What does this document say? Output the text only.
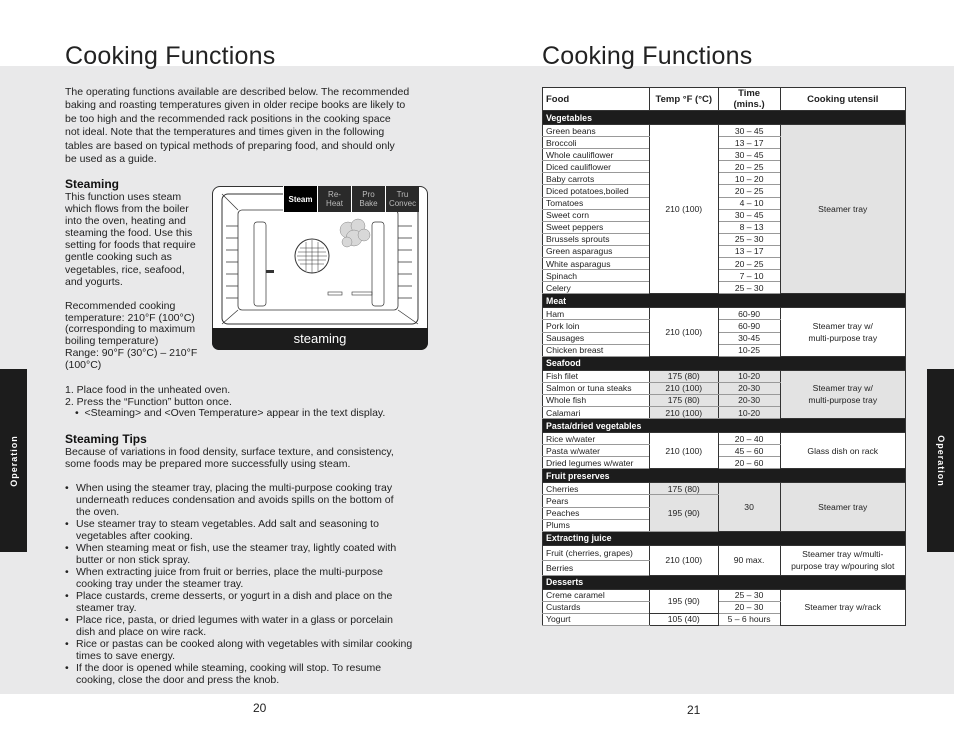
Cooking Functions
The operating functions available are described below. The recommended
baking and roasting temperatures given in older recipe books are likely to
be too high and the recommended rack positions in the cooking space
not ideal. Note that the temperatures and times given in the following
tables are based on typical methods of preparing food, and should only
be used as a guide.
Steaming
This function uses steam
which flows from the boiler
into the oven, heating and
steaming the food. Use this
setting for foods that require
gentle cooking such as
vegetables, rice, seafood,
and yogurts.
Recommended cooking
temperature: 210°F (100°C)
(corresponding to maximum
boiling temperature)
Range: 90°F (30°C) – 210°F
(100°C)
Steam	Re-
Heat
Pro
Bake
Tru
Convec
steaming
1. Place food in the unheated oven.
2. Press the “Function” button once.
•  <Steaming> and <Oven Temperature> appear in the text display.
Steaming Tips
Because of variations in food density, surface texture, and consistency,
some foods may be prepared more successfully using steam.
• When using the steamer tray, placing the multi-purpose cooking tray
underneath reduces condensation and avoids spills on the bottom of
the oven.
• Use steamer tray to steam vegetables. Add salt and seasoning to
vegetables after cooking.
• When steaming meat or fish, use the steamer tray, lightly coated with
butter or non stick spray.
• When extracting juice from fruit or berries, place the multi-purpose
cooking tray under the steamer tray.
• Place custards, creme desserts, or yogurt in a dish and place on the
steamer tray.
• Place rice, pasta, or dried legumes with water in a glass or porcelain
dish and place on wire rack.
• Rice or pastas can be cooked along with vegetables with similar cooking
times to save energy.
• If the door is opened while steaming, cooking will stop. To resume
cooking, close the door and press the knob.
Operation
20
Cooking Functions
Food	Temp °F (°C)	Time (mins.)	Cooking utensil
Vegetables			
Green beans	210 (100)	30 – 45	Steamer tray
Broccoli		13 – 17	
Whole cauliflower		30 – 45	
Diced cauliflower		20 – 25	
Baby carrots		10 – 20	
Diced potatoes,boiled		20 – 25	
Tomatoes		4 – 10	
Sweet corn		30 – 45	
Sweet peppers		8 – 13	
Brussels sprouts		25 – 30	
Green asparagus		13 – 17	
White asparagus		20 – 25	
Spinach		7 – 10	
Celery		25 – 30	
Meat			
Ham	210 (100)	60-90	Steamer tray w/
multi-purpose tray
Pork loin		60-90	
Sausages		30-45	
Chicken breast		10-25	
Seafood			
Fish filet	175 (80)	10-20	Steamer tray w/
multi-purpose tray
Salmon or tuna steaks	210 (100)	20-30	
Whole fish	175 (80)	20-30	
Calamari	210 (100)	10-20	
Pasta/dried vegetables			
Rice w/water	210 (100)	20 – 40	Glass dish on rack
Pasta w/water		45 – 60	
Dried legumes w/water		20 – 60	
Fruit preserves			
Cherries	175 (80)	30	Steamer tray
Pears	195 (90)		
Peaches			
Plums			
Extracting juice			
Fruit (cherries, grapes)	210 (100)	90 max.	Steamer tray w/multi-
purpose tray w/pouring slot
Berries			
Desserts			
Creme caramel	195 (90)	25 – 30	Steamer tray w/rack
Custards		20 – 30	
Yogurt	105 (40)	5 – 6 hours	
Operation
21
